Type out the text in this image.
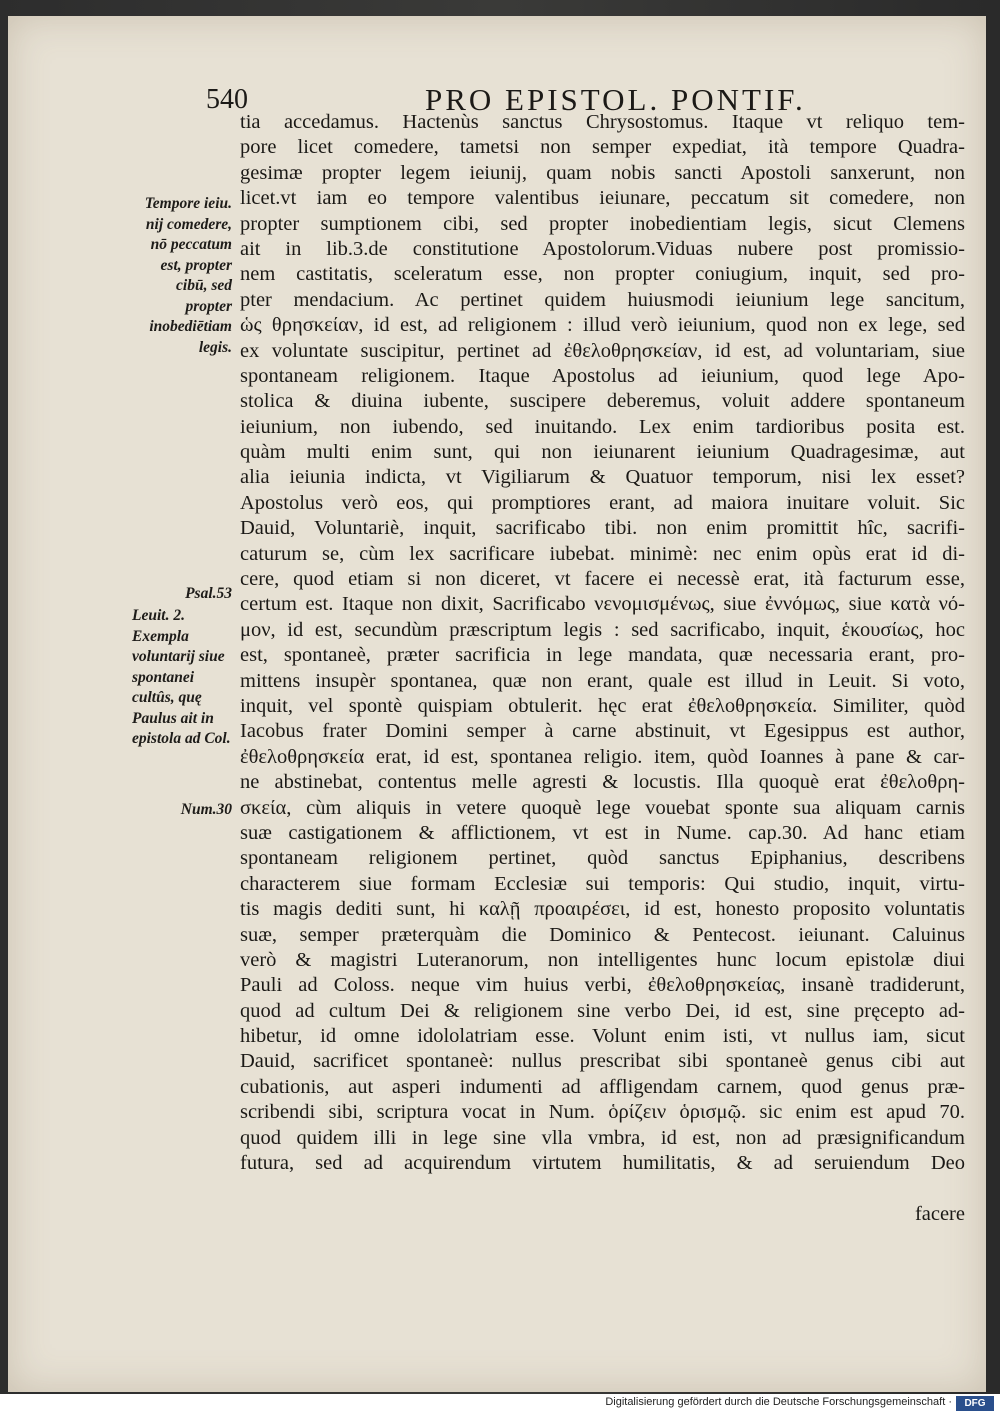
540	PRO EPISTOL. PONTIF.
Tempore ieiu. nij comedere, nō peccatum est, propter cibū, sed propter inobediētiam legis.
Psal.53
Leuit. 2. Exempla voluntarij siue spontanei cultûs, quę Paulus ait in epistola ad Col.
Num.30
tia accedamus. Hactenùs sanctus Chrysostomus. Itaque vt reliquo tem-
pore licet comedere, tametsi non semper expediat, ità tempore Quadra-
gesimæ propter legem ieiunij, quam nobis sancti Apostoli sanxerunt, non
licet.vt iam eo tempore valentibus ieiunare, peccatum sit comedere, non
propter sumptionem cibi, sed propter inobedientiam legis, sicut Clemens
ait in lib.3.de constitutione Apostolorum.Viduas nubere post promissio-
nem castitatis, sceleratum esse, non propter coniugium, inquit, sed pro-
pter mendacium. Ac pertinet quidem huiusmodi ieiunium lege sancitum,
ὡς θρησκείαν, id est, ad religionem : illud verò ieiunium, quod non ex lege, sed
ex voluntate suscipitur, pertinet ad ἐθελοθρησκείαν, id est, ad voluntariam, siue
spontaneam religionem. Itaque Apostolus ad ieiunium, quod lege Apo-
stolica & diuina iubente, suscipere deberemus, voluit addere spontaneum
ieiunium, non iubendo, sed inuitando. Lex enim tardioribus posita est.
quàm multi enim sunt, qui non ieiunarent ieiunium Quadragesimæ, aut
alia ieiunia indicta, vt Vigiliarum & Quatuor temporum, nisi lex esset?
Apostolus verò eos, qui promptiores erant, ad maiora inuitare voluit. Sic
Dauid, Voluntariè, inquit, sacrificabo tibi. non enim promittit hîc, sacrifi-
caturum se, cùm lex sacrificare iubebat. minimè: nec enim opùs erat id di-
cere, quod etiam si non diceret, vt facere ei necessè erat, ità facturum esse,
certum est. Itaque non dixit, Sacrificabo νενομισμένως, siue ἐννόμως, siue κατὰ νό-
μον, id est, secundùm præscriptum legis : sed sacrificabo, inquit, ἑκουσίως, hoc
est, spontaneè, præter sacrificia in lege mandata, quæ necessaria erant, pro-
mittens insupèr spontanea, quæ non erant, quale est illud in Leuit. Si voto,
inquit, vel spontè quispiam obtulerit. hęc erat ἐθελοθρησκεία. Similiter, quòd
Iacobus frater Domini semper à carne abstinuit, vt Egesippus est author,
ἐθελοθρησκεία erat, id est, spontanea religio. item, quòd Ioannes à pane & car-
ne abstinebat, contentus melle agresti & locustis. Illa quoquè erat ἐθελοθρη-
σκεία, cùm aliquis in vetere quoquè lege vouebat sponte sua aliquam carnis
suæ castigationem & afflictionem, vt est in Nume. cap.30. Ad hanc etiam
spontaneam religionem pertinet, quòd sanctus Epiphanius, describens
characterem siue formam Ecclesiæ sui temporis: Qui studio, inquit, virtu-
tis magis dediti sunt, hi καλῇ προαιρέσει, id est, honesto proposito voluntatis
suæ, semper præterquàm die Dominico & Pentecost. ieiunant. Caluinus
verò & magistri Luteranorum, non intelligentes hunc locum epistolæ diui
Pauli ad Coloss. neque vim huius verbi, ἐθελοθρησκείας, insanè tradiderunt,
quod ad cultum Dei & religionem sine verbo Dei, id est, sine pręcepto ad-
hibetur, id omne idololatriam esse. Volunt enim isti, vt nullus iam, sicut
Dauid, sacrificet spontaneè: nullus prescribat sibi spontaneè genus cibi aut
cubationis, aut asperi indumenti ad affligendam carnem, quod genus præ-
scribendi sibi, scriptura vocat in Num. ὁρίζειν ὁρισμῷ. sic enim est apud 70.
quod quidem illi in lege sine vlla vmbra, id est, non ad præsignificandum
futura, sed ad acquirendum virtutem humilitatis, & ad seruiendum Deo
facere
Digitalisierung gefördert durch die Deutsche Forschungsgemeinschaft ·	DFG
